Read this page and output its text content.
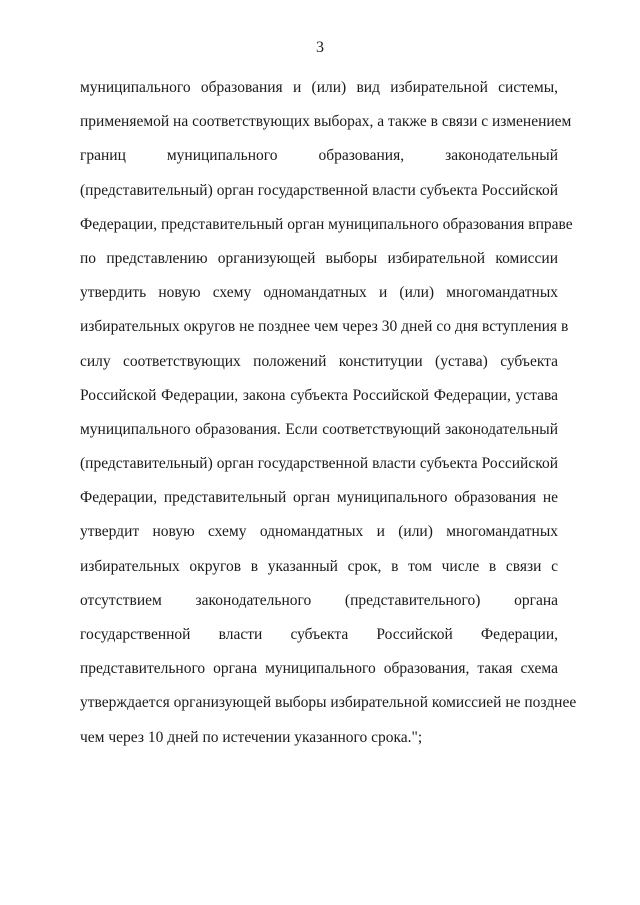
3
муниципального образования и (или) вид избирательной системы,
применяемой на соответствующих выборах, а также в связи с изменением
границ муниципального образования, законодательный
(представительный) орган государственной власти субъекта Российской
Федерации, представительный орган муниципального образования вправе
по представлению организующей выборы избирательной комиссии
утвердить новую схему одномандатных и (или) многомандатных
избирательных округов не позднее чем через 30 дней со дня вступления в
силу соответствующих положений конституции (устава) субъекта
Российской Федерации, закона субъекта Российской Федерации, устава
муниципального образования. Если соответствующий законодательный
(представительный) орган государственной власти субъекта Российской
Федерации, представительный орган муниципального образования не
утвердит новую схему одномандатных и (или) многомандатных
избирательных округов в указанный срок, в том числе в связи с
отсутствием законодательного (представительного) органа
государственной власти субъекта Российской Федерации,
представительного органа муниципального образования, такая схема
утверждается организующей выборы избирательной комиссией не позднее
чем через 10 дней по истечении указанного срока.";
